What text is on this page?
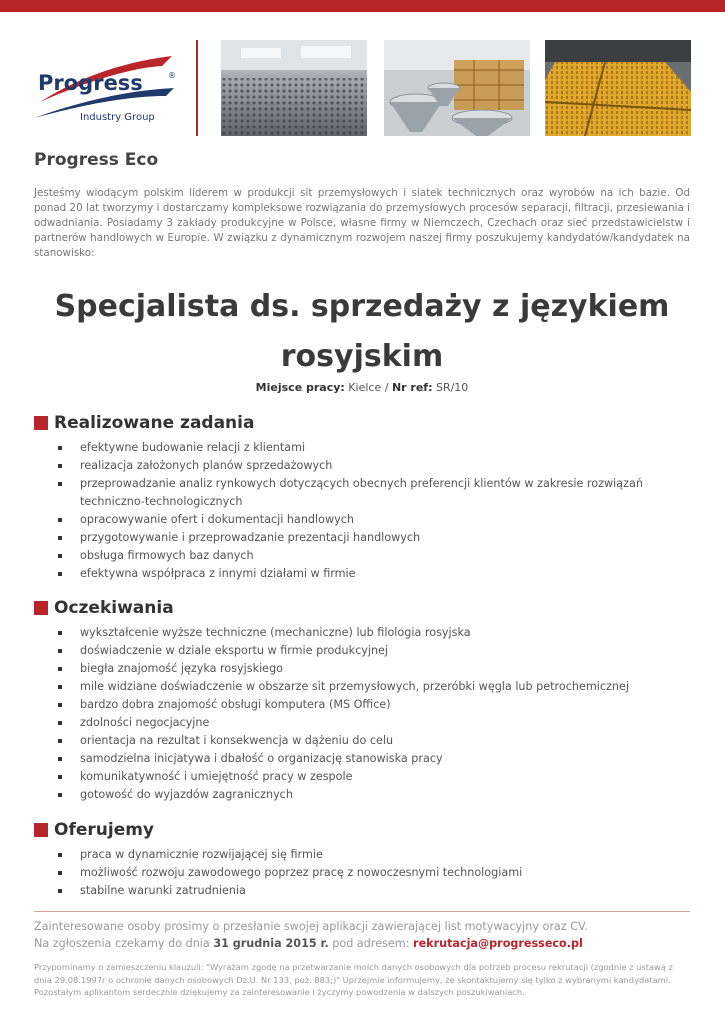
Progress
Industry Group
®
Progress Eco
Jesteśmy wiodącym polskim liderem w produkcji sit przemysłowych i siatek technicznych oraz wyrobów na ich bazie. Od ponad 20 lat tworzymy i dostarczamy kompleksowe rozwiązania do przemysłowych procesów separacji, filtracji, przesiewania i odwadniania. Posiadamy 3 zakłady produkcyjne w Polsce, własne firmy w Niemczech, Czechach oraz sieć przedstawicielstw i partnerów handlowych w Europie. W związku z dynamicznym rozwojem naszej firmy poszukujemy kandydatów/kandydatek na stanowisko:
Specjalista ds. sprzedaży z językiem
rosyjskim
Miejsce pracy: Kielce / Nr ref: SR/10
Realizowane zadania
efektywne budowanie relacji z klientami
realizacja założonych planów sprzedażowych
przeprowadzanie analiz rynkowych dotyczących obecnych preferencji klientów w zakresie rozwiązań techniczno-technologicznych
opracowywanie ofert i dokumentacji handlowych
przygotowywanie i przeprowadzanie prezentacji handlowych
obsługa firmowych baz danych
efektywna współpraca z innymi działami w firmie
Oczekiwania
wykształcenie wyższe techniczne (mechaniczne) lub filologia rosyjska
doświadczenie w dziale eksportu w firmie produkcyjnej
biegła znajomość języka rosyjskiego
mile widziane doświadczenie w obszarze sit przemysłowych, przeróbki węgla lub petrochemicznej
bardzo dobra znajomość obsługi komputera (MS Office)
zdolności negocjacyjne
orientacja na rezultat i konsekwencja w dążeniu do celu
samodzielna inicjatywa i dbałość o organizację stanowiska pracy
komunikatywność i umiejętność pracy w zespole
gotowość do wyjazdów zagranicznych
Oferujemy
praca w dynamicznie rozwijającej się firmie
możliwość rozwoju zawodowego poprzez pracę z nowoczesnymi technologiami
stabilne warunki zatrudnienia
Zainteresowane osoby prosimy o przesłanie swojej aplikacji zawierającej list motywacyjny oraz CV.
Na zgłoszenia czekamy do dnia 31 grudnia 2015 r. pod adresem: rekrutacja@progresseco.pl
Przypominamy o zamieszczeniu klauzuli: "Wyrażam zgodę na przetwarzanie moich danych osobowych dla potrzeb procesu rekrutacji (zgodnie z ustawą z dnia 29.08.1997r o ochronie danych osobowych Dz.U. Nr 133, poz. 883;)" Uprzejmie informujemy, że skontaktujemy się tylko z wybranymi kandydatami. Pozostałym aplikantom serdecznie dziękujemy za zainteresowanie i życzymy powodzenia w dalszych poszukiwaniach.
